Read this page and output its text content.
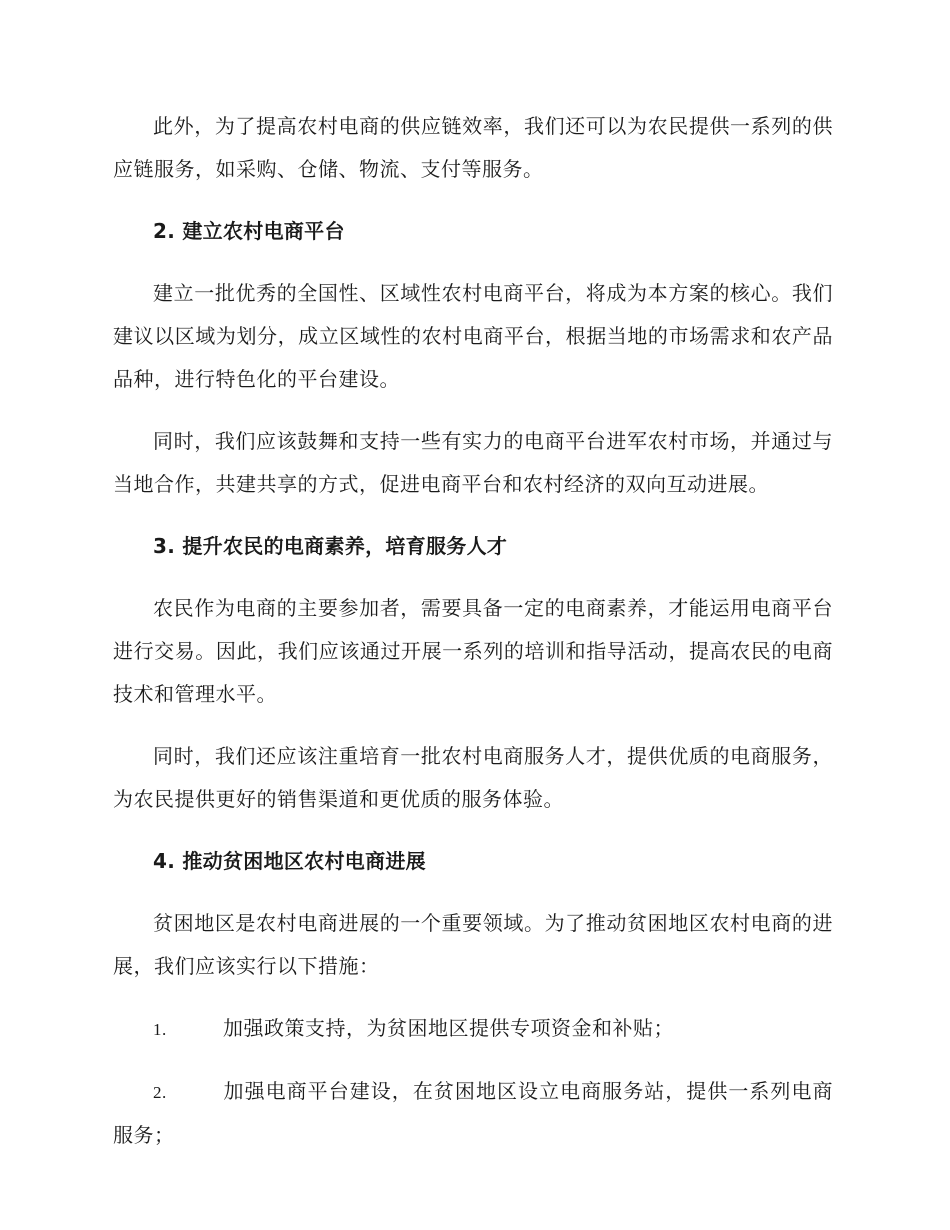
此外，为了提高农村电商的供应链效率，我们还可以为农民提供一系列的供应链服务，如采购、仓储、物流、支付等服务。

2. 建立农村电商平台

建立一批优秀的全国性、区域性农村电商平台，将成为本方案的核心。我们建议以区域为划分，成立区域性的农村电商平台，根据当地的市场需求和农产品品种，进行特色化的平台建设。

同时，我们应该鼓舞和支持一些有实力的电商平台进军农村市场，并通过与当地合作，共建共享的方式，促进电商平台和农村经济的双向互动进展。

3. 提升农民的电商素养，培育服务人才

农民作为电商的主要参加者，需要具备一定的电商素养，才能运用电商平台进行交易。因此，我们应该通过开展一系列的培训和指导活动，提高农民的电商技术和管理水平。

同时，我们还应该注重培育一批农村电商服务人才，提供优质的电商服务，为农民提供更好的销售渠道和更优质的服务体验。

4. 推动贫困地区农村电商进展

贫困地区是农村电商进展的一个重要领域。为了推动贫困地区农村电商的进展，我们应该实行以下措施：

1.	加强政策支持，为贫困地区提供专项资金和补贴；

2.	加强电商平台建设，在贫困地区设立电商服务站，提供一系列电商服务；
